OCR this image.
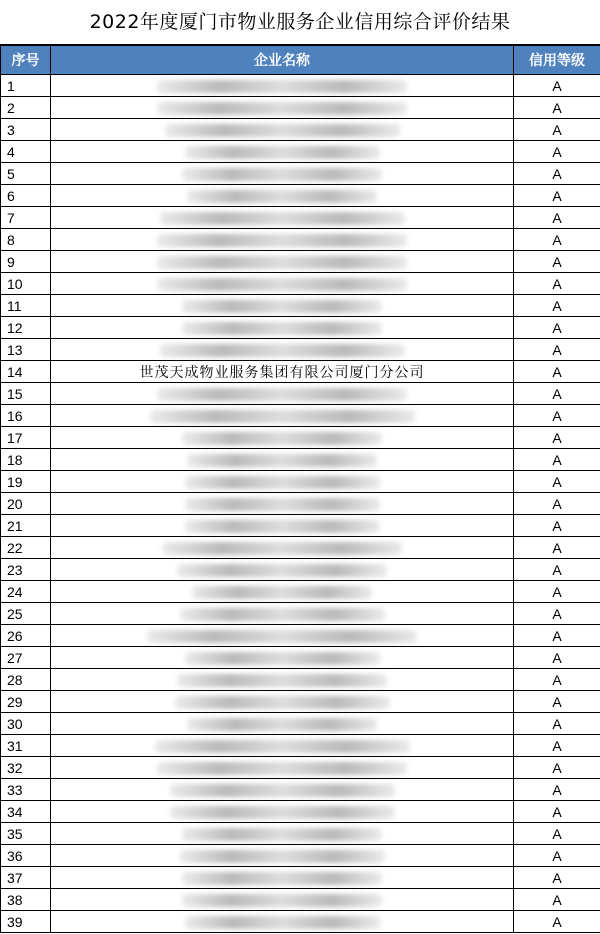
2022年度厦门市物业服务企业信用综合评价结果
序号	企业名称	信用等级
1		A
2		A
3		A
4		A
5		A
6		A
7		A
8		A
9		A
10		A
11		A
12		A
13		A
14	世茂天成物业服务集团有限公司厦门分公司	A
15		A
16		A
17		A
18		A
19		A
20		A
21		A
22		A
23		A
24		A
25		A
26		A
27		A
28		A
29		A
30		A
31		A
32		A
33		A
34		A
35		A
36		A
37		A
38		A
39		A
